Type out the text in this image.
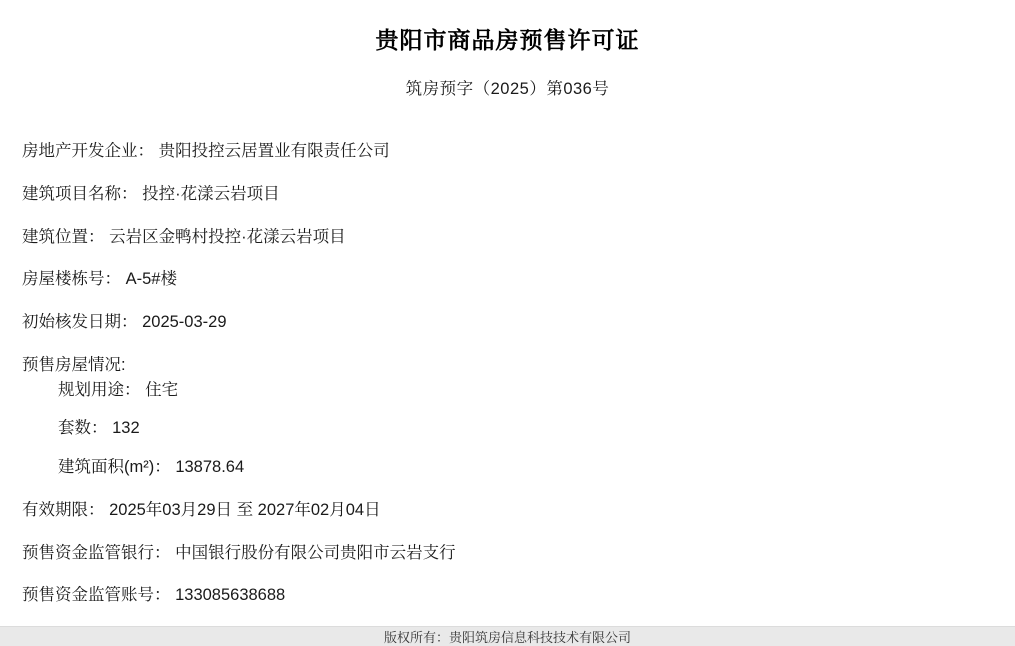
贵阳市商品房预售许可证
筑房预字（2025）第036号
房地产开发企业： 贵阳投控云居置业有限责任公司
建筑项目名称： 投控·花漾云岩项目
建筑位置： 云岩区金鸭村投控·花漾云岩项目
房屋楼栋号： A-5#楼
初始核发日期： 2025-03-29
预售房屋情况:
规划用途： 住宅
套数： 132
建筑面积(m²)： 13878.64
有效期限： 2025年03月29日 至 2027年02月04日
预售资金监管银行： 中国银行股份有限公司贵阳市云岩支行
预售资金监管账号： 133085638688
版权所有：贵阳筑房信息科技技术有限公司
